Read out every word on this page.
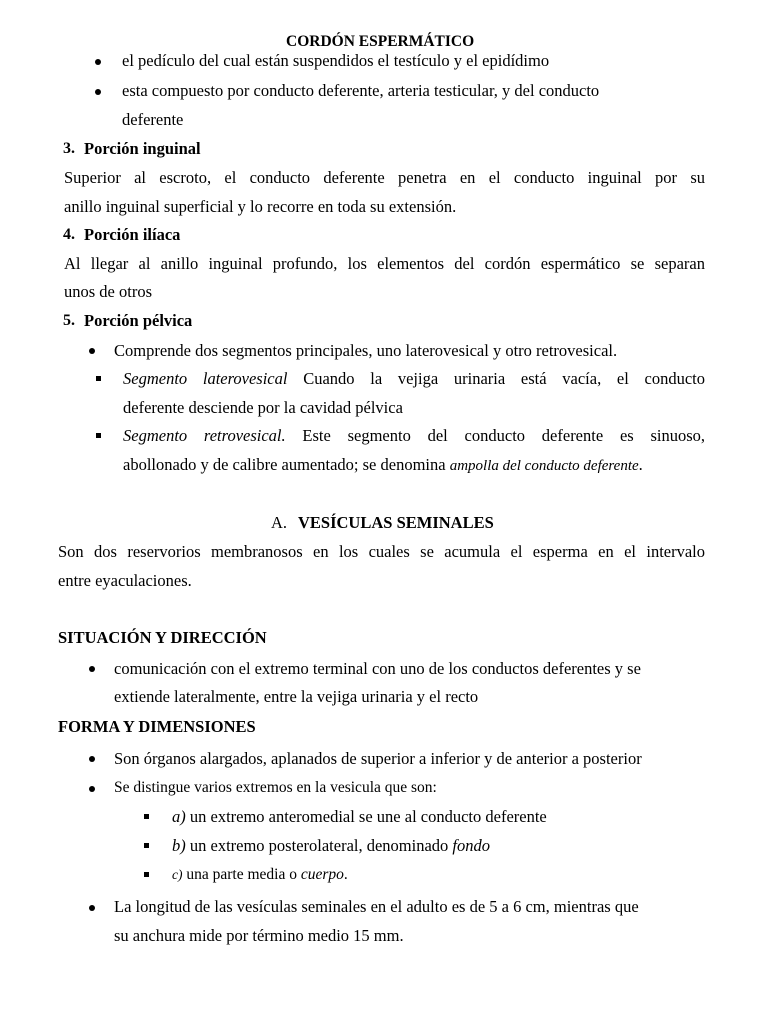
CORDÓN ESPERMÁTICO
el pedículo del cual están suspendidos el testículo y el epidídimo
esta compuesto por conducto deferente, arteria testicular, y del conducto
deferente
3. Porción inguinal
Superior al escroto, el conducto deferente penetra en el conducto inguinal por su
anillo inguinal superficial y lo recorre en toda su extensión.
4. Porción ilíaca
Al llegar al anillo inguinal profundo, los elementos del cordón espermático se separan
unos de otros
5. Porción pélvica
Comprende dos segmentos principales, uno laterovesical y otro retrovesical.
Segmento laterovesical Cuando la vejiga urinaria está vacía, el conducto
deferente desciende por la cavidad pélvica
Segmento retrovesical. Este segmento del conducto deferente es sinuoso,
abollonado y de calibre aumentado; se denomina ampolla del conducto deferente.
A. VESÍCULAS SEMINALES
Son dos reservorios membranosos en los cuales se acumula el esperma en el intervalo
entre eyaculaciones.
SITUACIÓN Y DIRECCIÓN
comunicación con el extremo terminal con uno de los conductos deferentes y se
extiende lateralmente, entre la vejiga urinaria y el recto
FORMA Y DIMENSIONES
Son órganos alargados, aplanados de superior a inferior y de anterior a posterior
Se distingue varios extremos en la vesicula que son:
a) un extremo anteromedial se une al conducto deferente
b) un extremo posterolateral, denominado fondo
c) una parte media o cuerpo.
La longitud de las vesículas seminales en el adulto es de 5 a 6 cm, mientras que
su anchura mide por término medio 15 mm.
